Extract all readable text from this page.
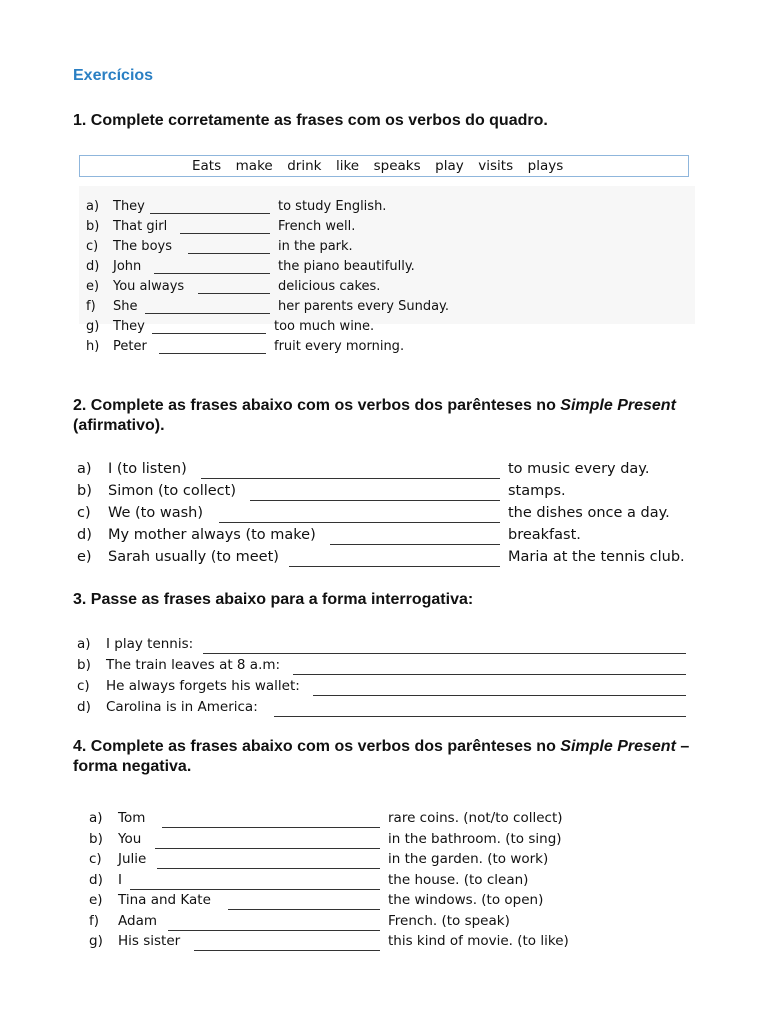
Exercícios
1. Complete corretamente as frases com os verbos do quadro.
Eats make drink like speaks play visits plays
a) They	to study English.
b) That girl	French well.
c) The boys	in the park.
d) John	the piano beautifully.
e) You always	delicious cakes.
f) She	her parents every Sunday.
g) They	too much wine.
h) Peter	fruit every morning.
2. Complete as frases abaixo com os verbos dos parênteses no Simple Present (afirmativo).
a) I (to listen)	to music every day.
b) Simon (to collect)	stamps.
c) We (to wash)	the dishes once a day.
d) My mother always (to make)	breakfast.
e) Sarah usually (to meet)	Maria at the tennis club.
3. Passe as frases abaixo para a forma interrogativa:
a) I play tennis:
b) The train leaves at 8 a.m:
c) He always forgets his wallet:
d) Carolina is in America:
4. Complete as frases abaixo com os verbos dos parênteses no Simple Present – forma negativa.
a) Tom	rare coins. (not/to collect)
b) You	in the bathroom. (to sing)
c) Julie	in the garden. (to work)
d) I	the house. (to clean)
e) Tina and Kate	the windows. (to open)
f) Adam	French. (to speak)
g) His sister	this kind of movie. (to like)
